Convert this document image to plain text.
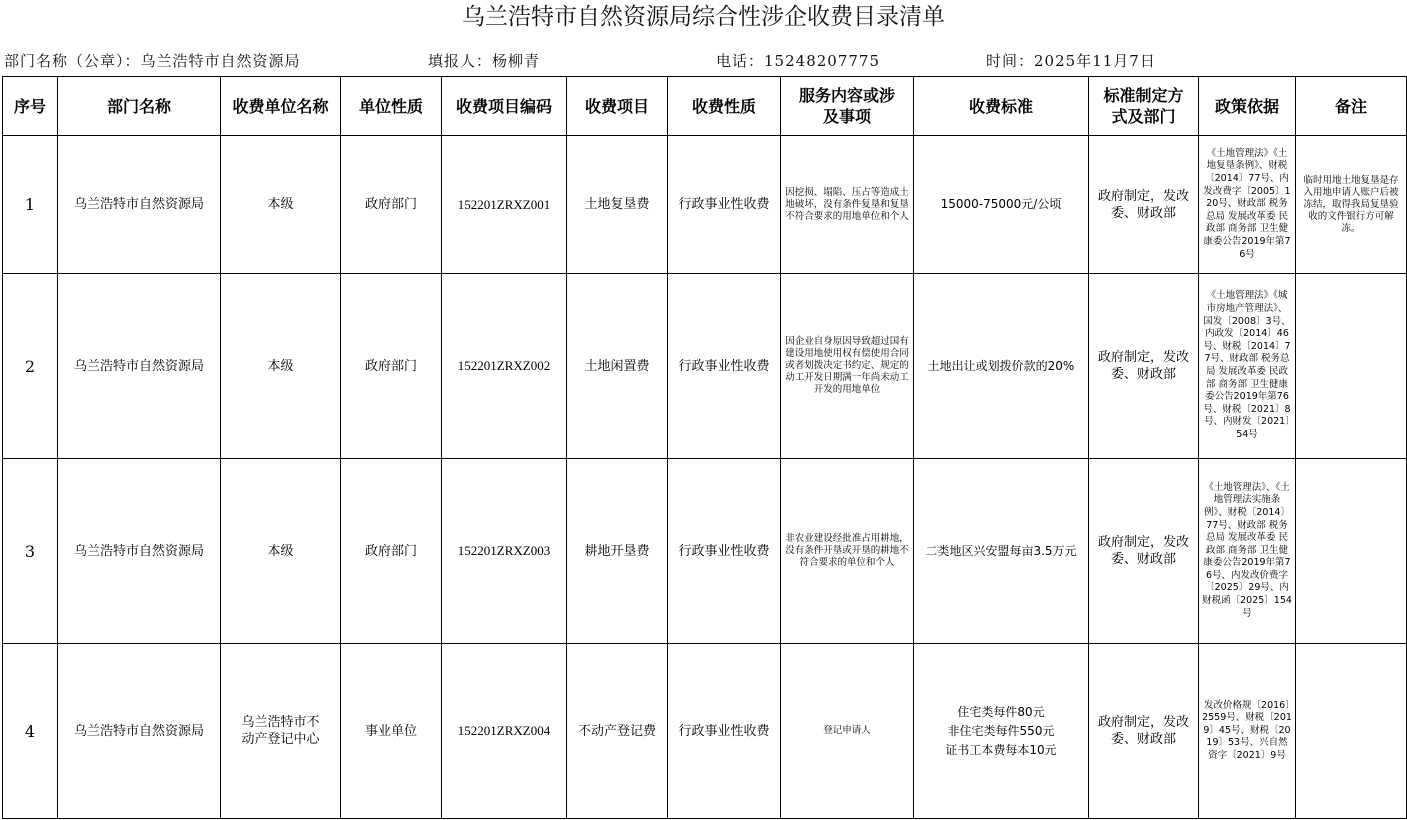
乌兰浩特市自然资源局综合性涉企收费目录清单
部门名称（公章）：乌兰浩特市自然资源局	填报人：杨柳青	电话：15248207775	时间：2025年11月7日
序号	部门名称	收费单位名称	单位性质	收费项目编码	收费项目	收费性质	服务内容或涉及事项	收费标准	标准制定方式及部门	政策依据	备注
1	乌兰浩特市自然资源局	本级	政府部门	152201ZRXZ001	土地复垦费	行政事业性收费	因挖损、塌陷、压占等造成土地破坏，没有条件复垦和复垦不符合要求的用地单位和个人	15000-75000元/公顷	政府制定，发改委、财政部	《土地管理法》《土地复垦条例》、财税〔2014〕77号、内发改费字〔2005〕120号、财政部 税务总局 发展改革委 民政部 商务部 卫生健康委公告2019年第76号	临时用地土地复垦是存入用地申请人账户后被冻结，取得我局复垦验收的文件银行方可解冻。
2	乌兰浩特市自然资源局	本级	政府部门	152201ZRXZ002	土地闲置费	行政事业性收费	因企业自身原因导致超过国有建设用地使用权有偿使用合同或者划拨决定书约定、规定的动工开发日期满一年尚未动工开发的用地单位	土地出让或划拨价款的20%	政府制定，发改委、财政部	《土地管理法》《城市房地产管理法》、国发〔2008〕3号、内政发〔2014〕46号、财税〔2014〕77号、财政部 税务总局 发展改革委 民政部 商务部 卫生健康委公告2019年第76号、财税〔2021〕8号、内财发〔2021〕54号	
3	乌兰浩特市自然资源局	本级	政府部门	152201ZRXZ003	耕地开垦费	行政事业性收费	非农业建设经批准占用耕地，没有条件开垦或开垦的耕地不符合要求的单位和个人	二类地区兴安盟每亩3.5万元	政府制定，发改委、财政部	《土地管理法》、《土地管理法实施条例》、财税〔2014〕77号、财政部 税务总局 发展改革委 民政部 商务部 卫生健康委公告2019年第76号、内发改价费字〔2025〕29号、内财税函〔2025〕154号	
4	乌兰浩特市自然资源局	乌兰浩特市不动产登记中心	事业单位	152201ZRXZ004	不动产登记费	行政事业性收费	登记申请人	住宅类每件80元
非住宅类每件550元
证书工本费每本10元	政府制定，发改委、财政部	发改价格规〔2016〕2559号、财税〔2019〕45号、财税〔2019〕53号、兴自然资字〔2021〕9号	
